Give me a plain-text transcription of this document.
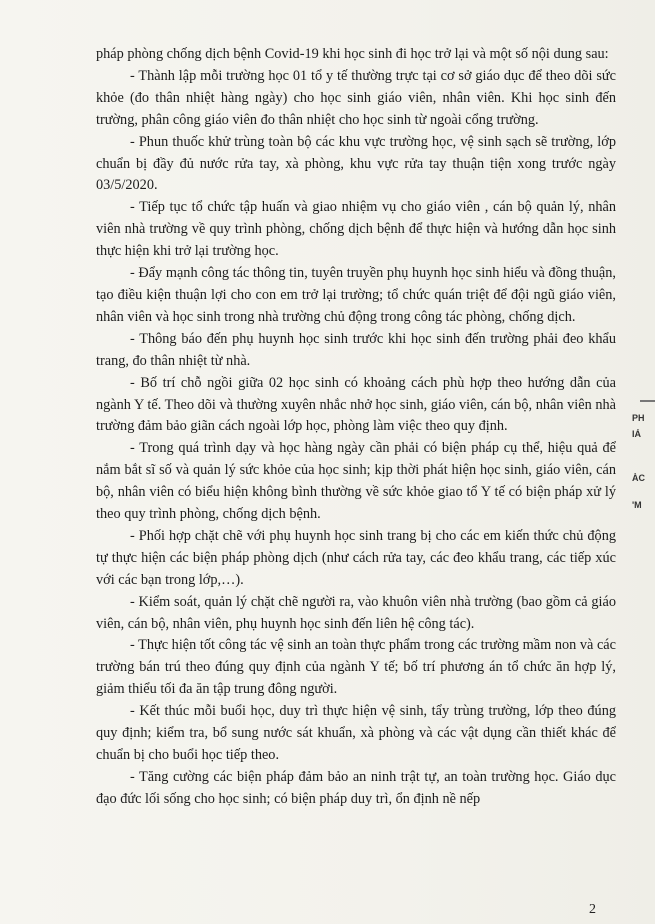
pháp phòng chống dịch bệnh Covid-19 khi học sinh đi học trở lại và một số nội dung sau:

- Thành lập mỗi trường học 01 tổ y tế thường trực tại cơ sở giáo dục để theo dõi sức khỏe (đo thân nhiệt hàng ngày) cho học sinh giáo viên, nhân viên. Khi học sinh đến trường, phân công giáo viên đo thân nhiệt cho học sinh từ ngoài cổng trường.

- Phun thuốc khử trùng toàn bộ các khu vực trường học, vệ sinh sạch sẽ trường, lớp chuẩn bị đầy đủ nước rửa tay, xà phòng, khu vực rửa tay thuận tiện xong trước ngày 03/5/2020.

- Tiếp tục tổ chức tập huấn và giao nhiệm vụ cho giáo viên , cán bộ quản lý, nhân viên nhà trường về quy trình phòng, chống dịch bệnh để thực hiện và hướng dẫn học sinh thực hiện khi trở lại trường học.

- Đẩy mạnh công tác thông tin, tuyên truyền phụ huynh học sinh hiểu và đồng thuận, tạo điều kiện thuận lợi cho con em trở lại trường; tổ chức quán triệt để đội ngũ giáo viên, nhân viên và học sinh trong nhà trường chủ động trong công tác phòng, chống dịch.

- Thông báo đến phụ huynh học sinh trước khi học sinh đến trường phải đeo khẩu trang, đo thân nhiệt từ nhà.

- Bố trí chỗ ngồi giữa 02 học sinh có khoảng cách phù hợp theo hướng dẫn của ngành Y tế. Theo dõi và thường xuyên nhắc nhở học sinh, giáo viên, cán bộ, nhân viên nhà trường đảm bảo giãn cách ngoài lớp học, phòng làm việc theo quy định.

- Trong quá trình dạy và học hàng ngày cần phải có biện pháp cụ thể, hiệu quả để nắm bắt sĩ số và quản lý sức khỏe của học sinh; kịp thời phát hiện học sinh, giáo viên, cán bộ, nhân viên có biểu hiện không bình thường về sức khỏe giao tổ Y tế có biện pháp xử lý theo quy trình phòng, chống dịch bệnh.

- Phối hợp chặt chẽ với phụ huynh học sinh trang bị cho các em kiến thức chủ động tự thực hiện các biện pháp phòng dịch (như cách rửa tay, các đeo khẩu trang, các tiếp xúc với các bạn trong lớp,…).

- Kiểm soát, quản lý chặt chẽ người ra, vào khuôn viên nhà trường (bao gồm cả giáo viên, cán bộ, nhân viên, phụ huynh học sinh đến liên hệ công tác).

- Thực hiện tốt công tác vệ sinh an toàn thực phẩm trong các trường mầm non và các trường bán trú theo đúng quy định của ngành Y tế; bố trí phương án tổ chức ăn hợp lý, giảm thiểu tối đa ăn tập trung đông người.

- Kết thúc mỗi buổi học, duy trì thực hiện vệ sinh, tẩy trùng trường, lớp theo đúng quy định; kiểm tra, bổ sung nước sát khuẩn, xà phòng và các vật dụng cần thiết khác để chuẩn bị cho buổi học tiếp theo.

- Tăng cường các biện pháp đảm bảo an ninh trật tự, an toàn trường học. Giáo dục đạo đức lối sống cho học sinh; có biện pháp duy trì, ổn định nề nếp

PH
IÁ
ÀC
'M
2
